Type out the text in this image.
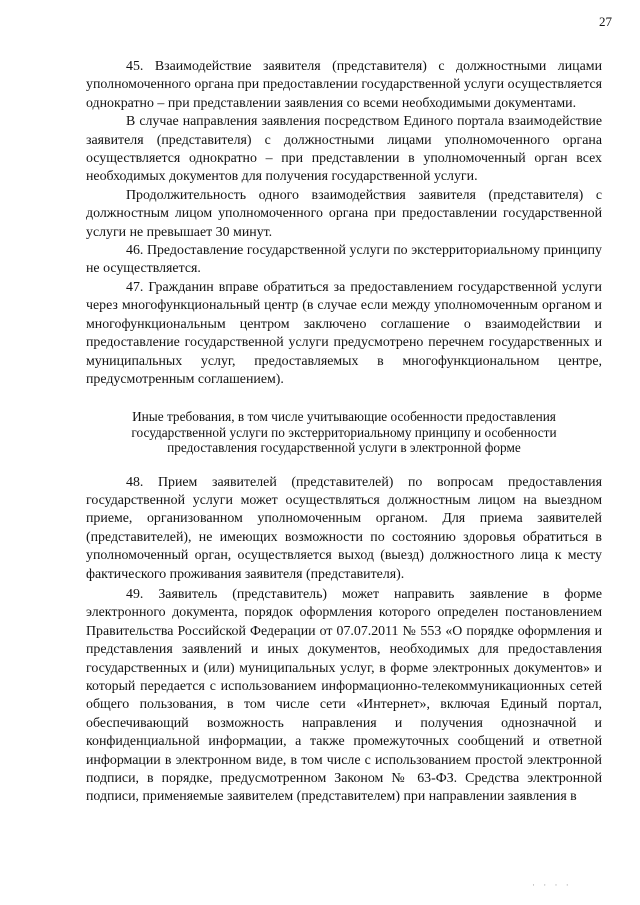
27

45. Взаимодействие заявителя (представителя) с должностными лицами уполномоченного органа при предоставлении государственной услуги осуществляется однократно – при представлении заявления со всеми необходимыми документами.

В случае направления заявления посредством Единого портала взаимодействие заявителя (представителя) с должностными лицами уполномоченного органа осуществляется однократно – при представлении в уполномоченный орган всех необходимых документов для получения государственной услуги.

Продолжительность одного взаимодействия заявителя (представителя) с должностным лицом уполномоченного органа при предоставлении государственной услуги не превышает 30 минут.

46. Предоставление государственной услуги по экстерриториальному принципу не осуществляется.

47. Гражданин вправе обратиться за предоставлением государственной услуги через многофункциональный центр (в случае если между уполномоченным органом и многофункциональным центром заключено соглашение о взаимодействии и предоставление государственной услуги предусмотрено перечнем государственных и муниципальных услуг, предоставляемых в многофункциональном центре, предусмотренным соглашением).

Иные требования, в том числе учитывающие особенности предоставления государственной услуги по экстерриториальному принципу и особенности предоставления государственной услуги в электронной форме

48. Прием заявителей (представителей) по вопросам предоставления государственной услуги может осуществляться должностным лицом на выездном приеме, организованном уполномоченным органом. Для приема заявителей (представителей), не имеющих возможности по состоянию здоровья обратиться в уполномоченный орган, осуществляется выход (выезд) должностного лица к месту фактического проживания заявителя (представителя).

49. Заявитель (представитель) может направить заявление в форме электронного документа, порядок оформления которого определен постановлением Правительства Российской Федерации от 07.07.2011 № 553 «О порядке оформления и представления заявлений и иных документов, необходимых для предоставления государственных и (или) муниципальных услуг, в форме электронных документов» и который передается с использованием информационно-телекоммуникационных сетей общего пользования, в том числе сети «Интернет», включая Единый портал, обеспечивающий возможность направления и получения однозначной и конфиденциальной информации, а также промежуточных сообщений и ответной информации в электронном виде, в том числе с использованием простой электронной подписи, в порядке, предусмотренном Законом № 63-ФЗ. Средства электронной подписи, применяемые заявителем (представителем) при направлении заявления в

· · · ·
